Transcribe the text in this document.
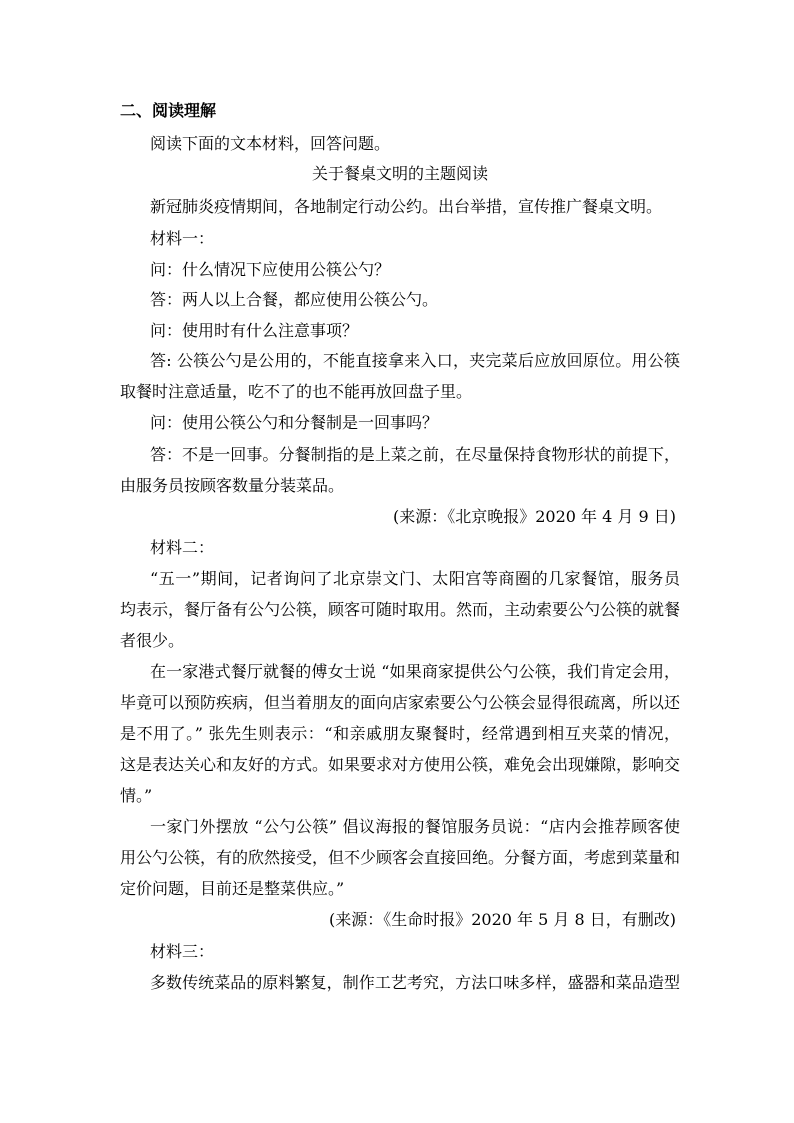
二、阅读理解
阅读下面的文本材料，回答问题。
关于餐桌文明的主题阅读
新冠肺炎疫情期间，各地制定行动公约。出台举措，宣传推广餐桌文明。
材料一：
问：什么情况下应使用公筷公勺？
答：两人以上合餐，都应使用公筷公勺。
问：使用时有什么注意事项？
答: 公筷公勺是公用的，不能直接拿来入口，夹完菜后应放回原位。用公筷
取餐时注意适量，吃不了的也不能再放回盘子里。
问：使用公筷公勺和分餐制是一回事吗？
答：不是一回事。分餐制指的是上菜之前，在尽量保持食物形状的前提下，
由服务员按顾客数量分装菜品。
(来源：《北京晚报》2020 年 4 月 9 日)
材料二：
“五一”期间，记者询问了北京崇文门、太阳宫等商圈的几家餐馆，服务员
均表示，餐厅备有公勺公筷，顾客可随时取用。然而，主动索要公勺公筷的就餐
者很少。
在一家港式餐厅就餐的傅女士说 “如果商家提供公勺公筷，我们肯定会用，
毕竟可以预防疾病，但当着朋友的面向店家索要公勺公筷会显得很疏离，所以还
是不用了。” 张先生则表示：“和亲戚朋友聚餐时，经常遇到相互夹菜的情况，
这是表达关心和友好的方式。如果要求对方使用公筷，难免会出现嫌隙，影响交
情。”
一家门外摆放 “公勺公筷” 倡议海报的餐馆服务员说：“店内会推荐顾客使
用公勺公筷，有的欣然接受，但不少顾客会直接回绝。分餐方面，考虑到菜量和
定价问题，目前还是整菜供应。”
(来源：《生命时报》2020 年 5 月 8 日，有删改)
材料三：
多数传统菜品的原料繁复，制作工艺考究，方法口味多样，盛器和菜品造型
